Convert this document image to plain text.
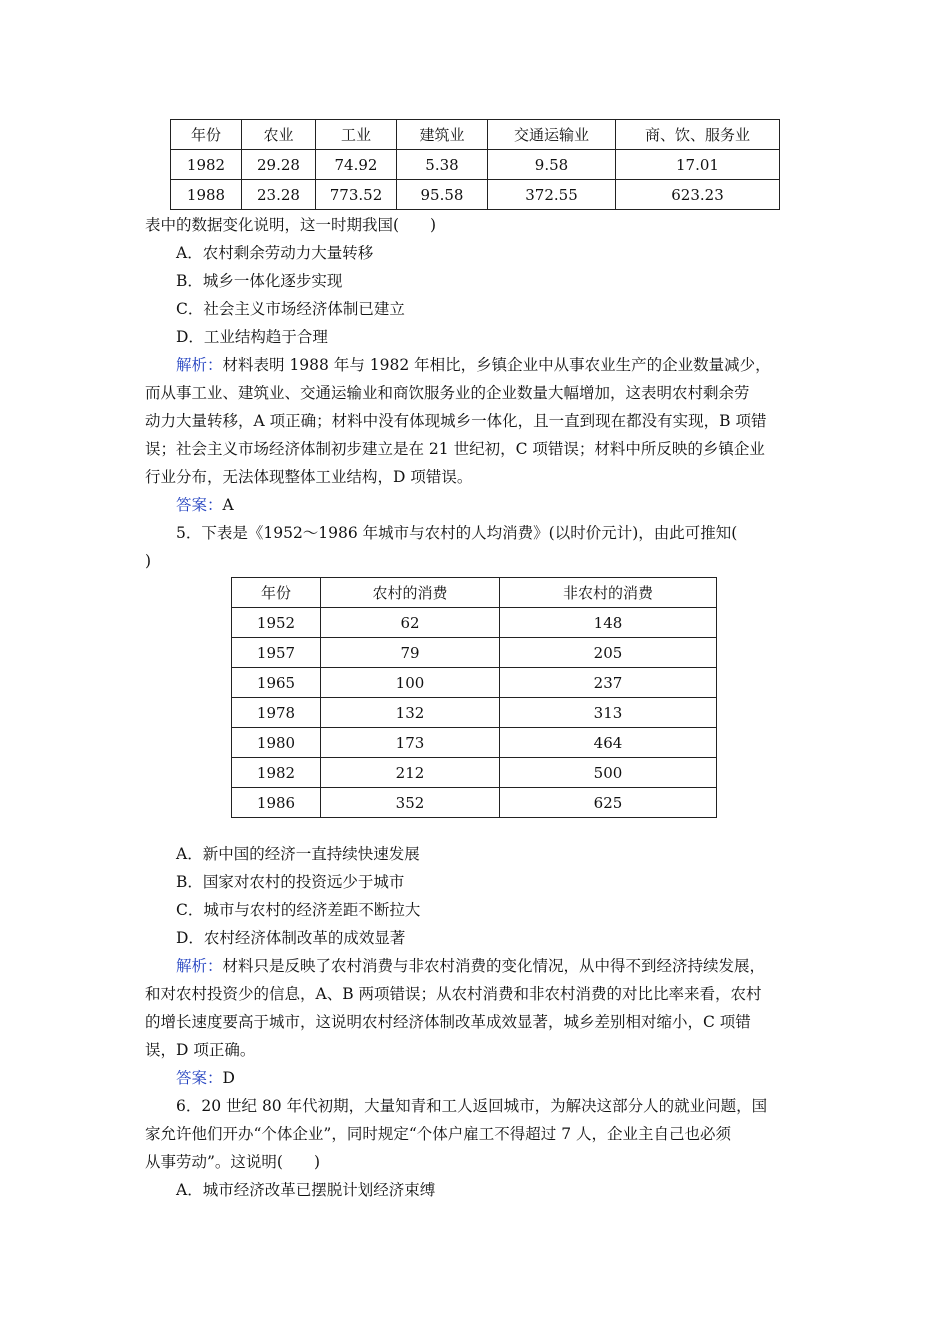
年份	农业	工业	建筑业	交通运输业	商、饮、服务业
1982	29.28	74.92	5.38	9.58	17.01
1988	23.28	773.52	95.58	372.55	623.23
表中的数据变化说明，这一时期我国(　　)
A．农村剩余劳动力大量转移
B．城乡一体化逐步实现
C．社会主义市场经济体制已建立
D．工业结构趋于合理
解析：材料表明 1988 年与 1982 年相比，乡镇企业中从事农业生产的企业数量减少，
而从事工业、建筑业、交通运输业和商饮服务业的企业数量大幅增加，这表明农村剩余劳
动力大量转移，A 项正确；材料中没有体现城乡一体化，且一直到现在都没有实现，B 项错
误；社会主义市场经济体制初步建立是在 21 世纪初，C 项错误；材料中所反映的乡镇企业
行业分布，无法体现整体工业结构，D 项错误。
答案：A
5．下表是《1952～1986 年城市与农村的人均消费》(以时价元计)，由此可推知(
)
年份	农村的消费	非农村的消费
1952	62	148
1957	79	205
1965	100	237
1978	132	313
1980	173	464
1982	212	500
1986	352	625
A．新中国的经济一直持续快速发展
B．国家对农村的投资远少于城市
C．城市与农村的经济差距不断拉大
D．农村经济体制改革的成效显著
解析：材料只是反映了农村消费与非农村消费的变化情况，从中得不到经济持续发展，
和对农村投资少的信息，A、B 两项错误；从农村消费和非农村消费的对比比率来看，农村
的增长速度要高于城市，这说明农村经济体制改革成效显著，城乡差别相对缩小，C 项错
误，D 项正确。
答案：D
6．20 世纪 80 年代初期，大量知青和工人返回城市，为解决这部分人的就业问题，国
家允许他们开办“个体企业”，同时规定“个体户雇工不得超过 7 人，企业主自己也必须
从事劳动”。这说明(　　)
A．城市经济改革已摆脱计划经济束缚
